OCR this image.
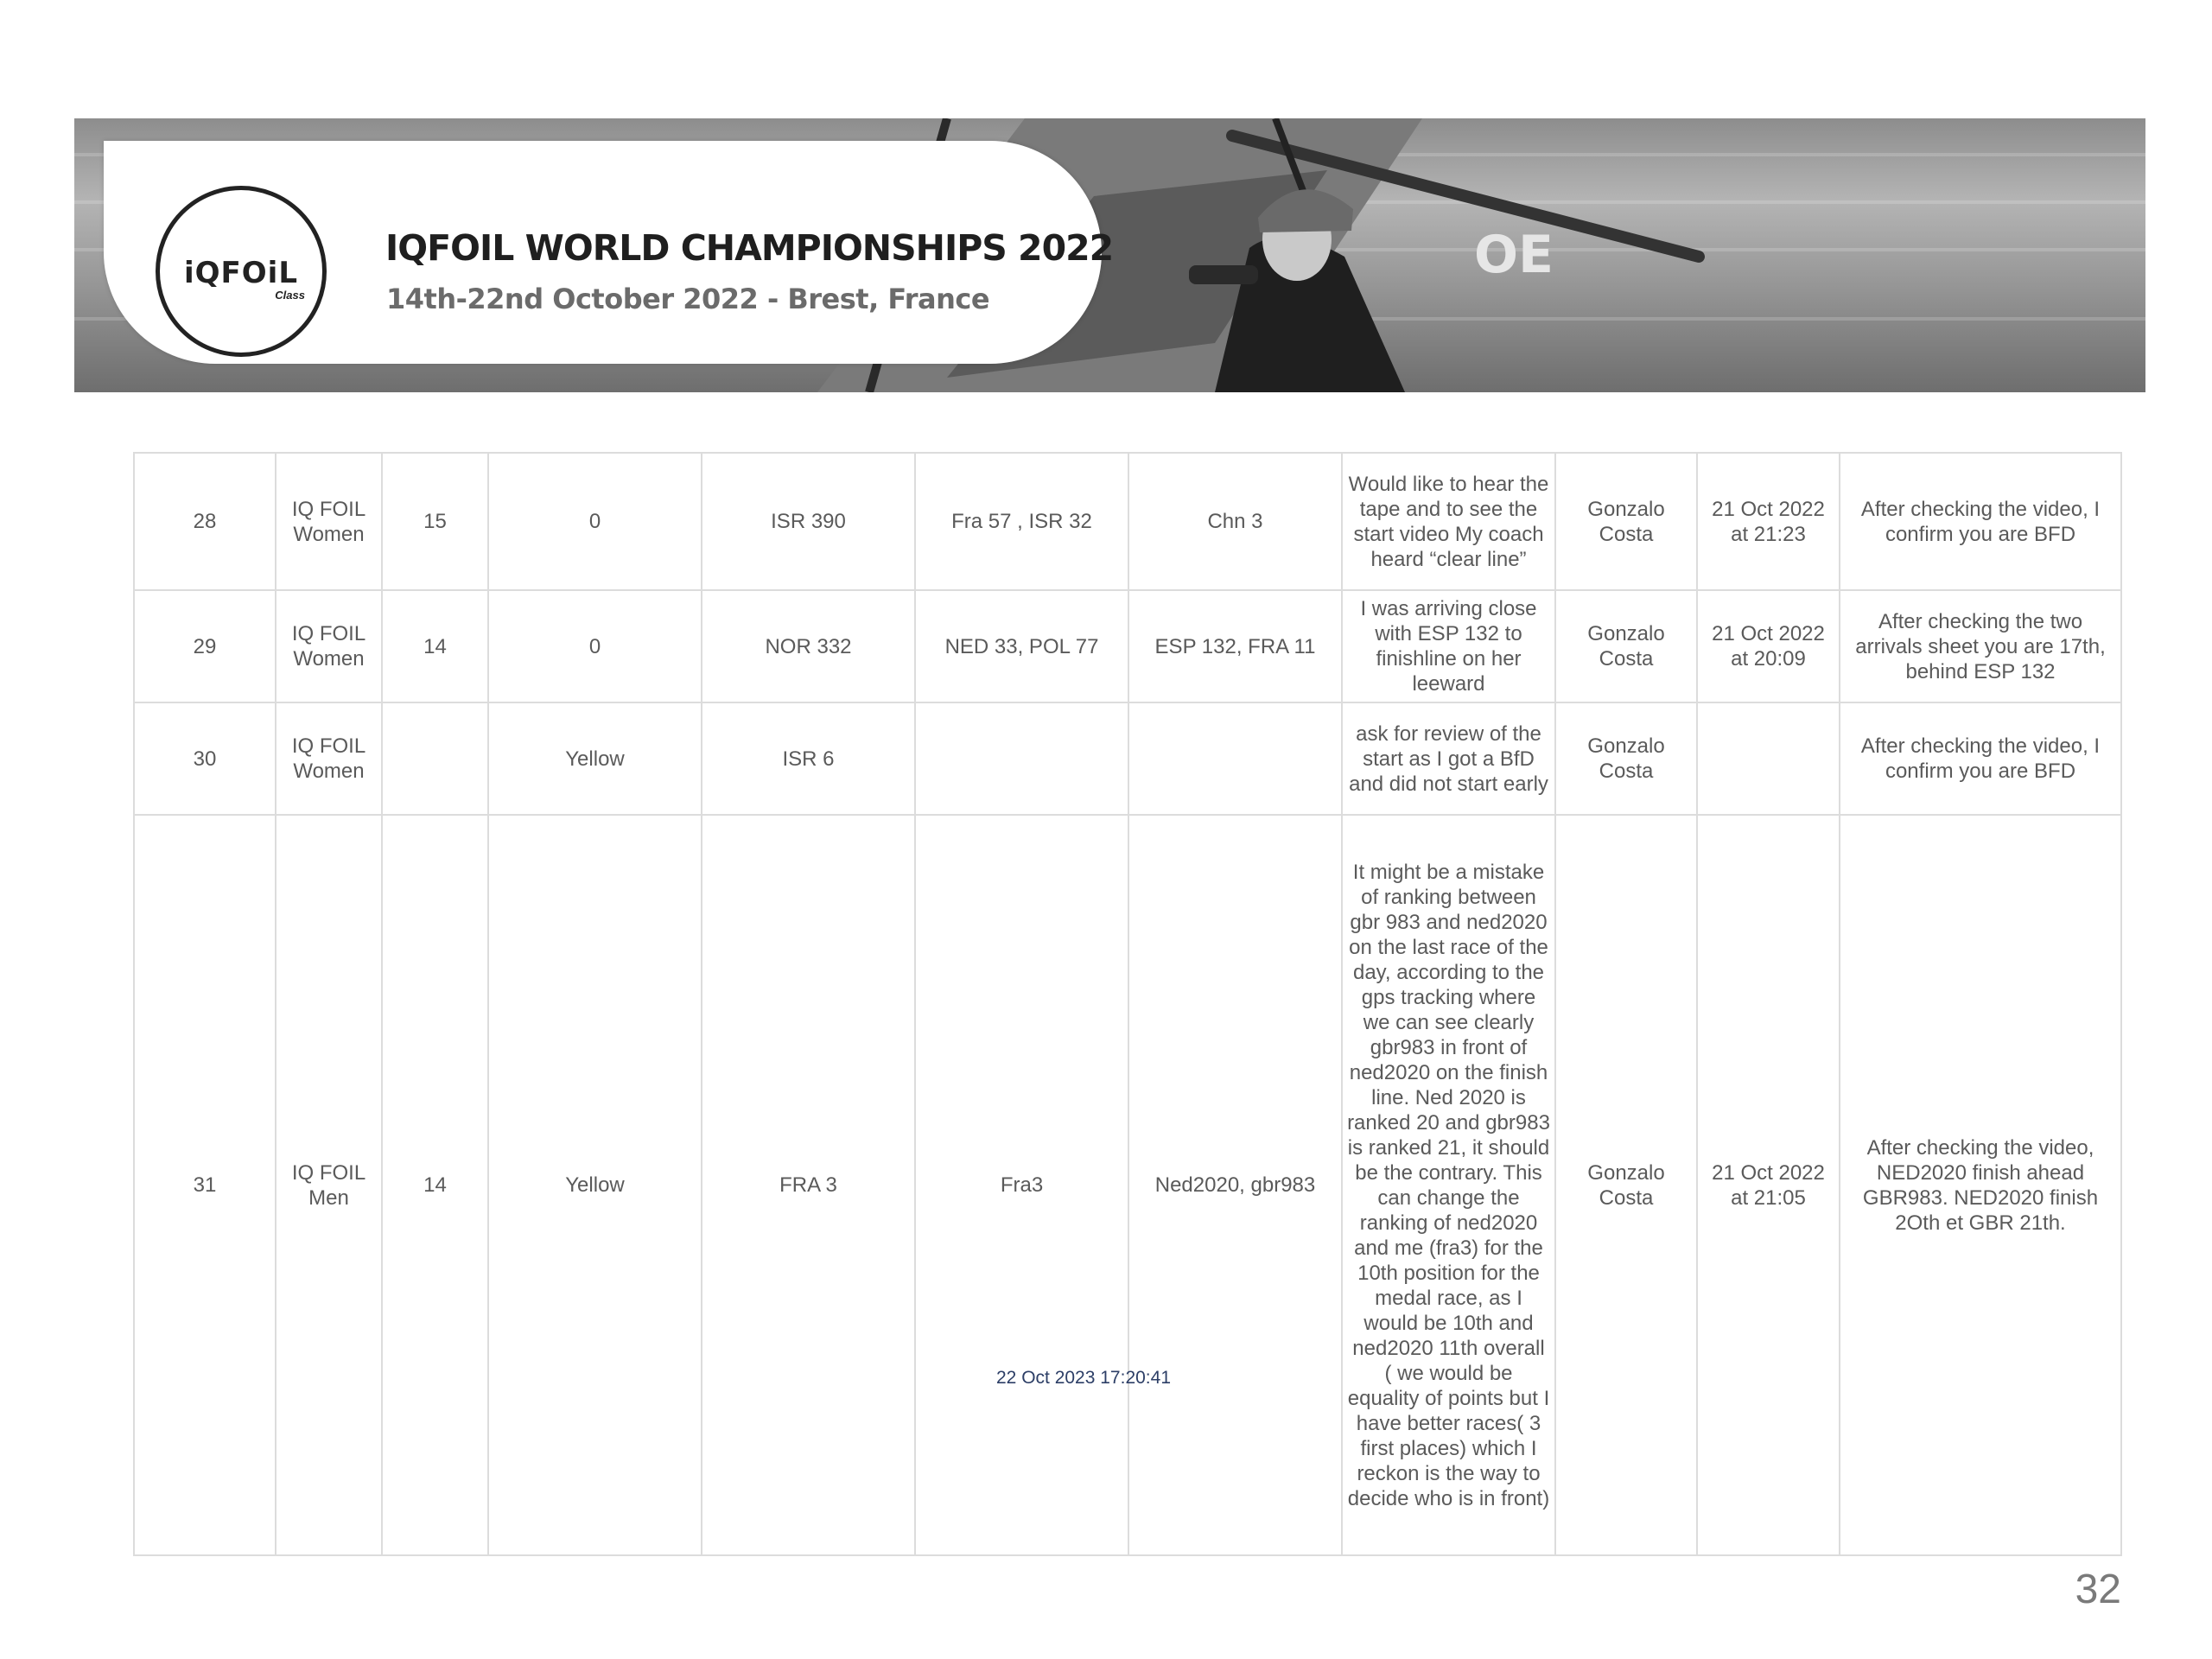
OE
iQFOiL
Class
IQFOIL WORLD CHAMPIONSHIPS 2022
14th-22nd October 2022 - Brest, France
28	IQ FOIL Women	15	0	ISR 390	Fra 57 , ISR 32	Chn 3	Would like to hear the tape and to see the start video My coach heard “clear line”	Gonzalo Costa	21 Oct 2022 at 21:23	After checking the video, I confirm you are BFD
29	IQ FOIL Women	14	0	NOR 332	NED 33, POL 77	ESP 132, FRA 11	I was arriving close with ESP 132 to finishline on her leeward	Gonzalo Costa	21 Oct 2022 at 20:09	After checking the two arrivals sheet you are 17th, behind ESP 132
30	IQ FOIL Women		Yellow	ISR 6			ask for review of the start as I got a BfD and did not start early	Gonzalo Costa		After checking the video, I confirm you are BFD
31	IQ FOIL Men	14	Yellow	FRA 3	Fra3	Ned2020, gbr983	It might be a mistake of ranking between gbr 983 and ned2020 on the last race of the day, according to the gps tracking where we can see clearly gbr983 in front of ned2020 on the finish line. Ned 2020 is ranked 20 and gbr983 is ranked 21, it should be the contrary. This can change the ranking of ned2020 and me (fra3) for the 10th position for the medal race, as I would be 10th and ned2020 11th overall ( we would be equality of points but I have better races( 3 first places) which I reckon is the way to decide who is in front)	Gonzalo Costa	21 Oct 2022 at 21:05	After checking the video, NED2020 finish ahead GBR983. NED2020 finish 2Oth et GBR 21th.
22 Oct 2023 17:20:41
32
